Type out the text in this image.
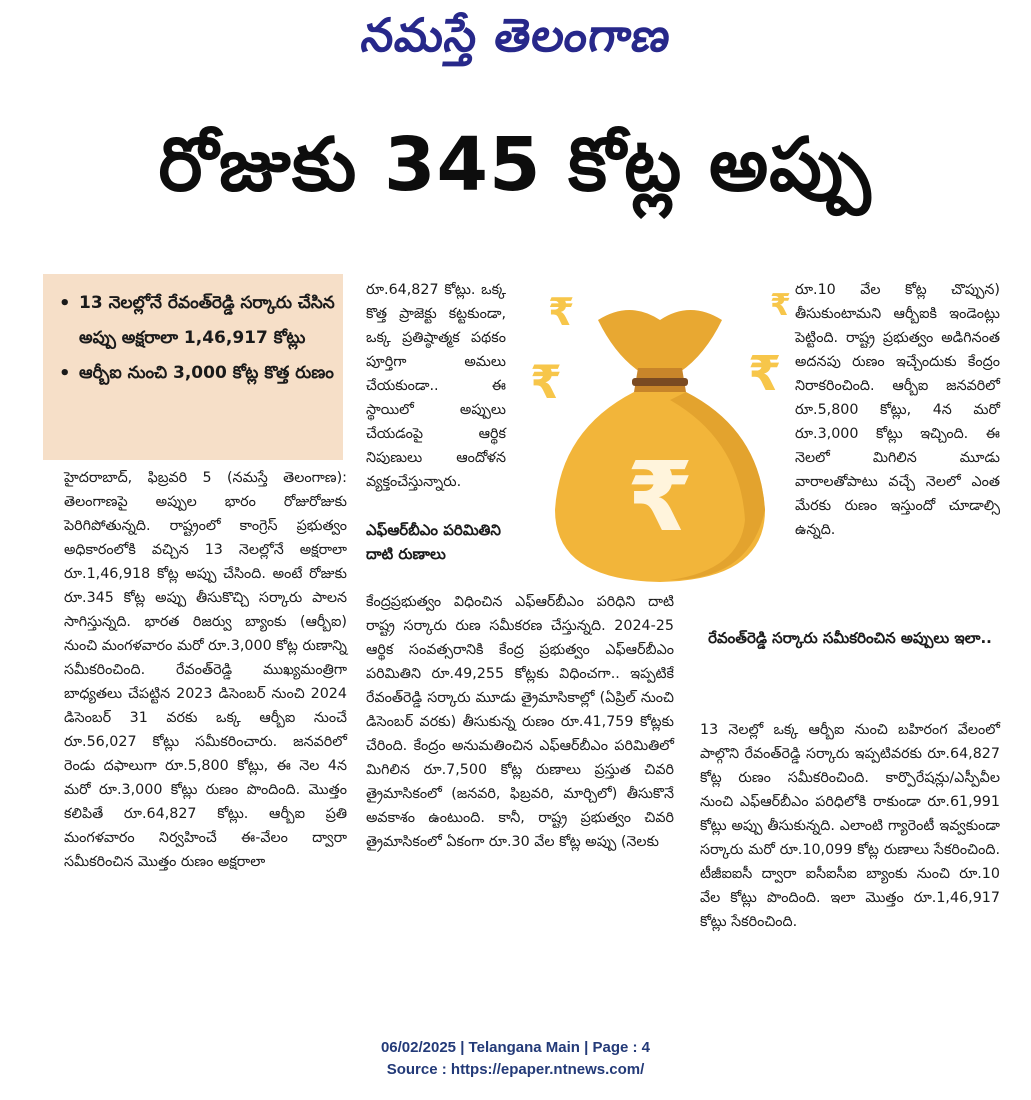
నమస్తే తెలంగాణ
రోజుకు 345 కోట్ల అప్పు
• 13 నెలల్లోనే రేవంత్‌రెడ్డి సర్కారు చేసిన అప్పు అక్షరాలా 1,46,917 కోట్లు
• ఆర్బీఐ నుంచి 3,000 కోట్ల కొత్త రుణం

హైదరాబాద్, ఫిబ్రవరి 5 (నమస్తే తెలంగాణ): తెలంగాణపై అప్పుల భారం రోజురోజుకు పెరిగిపోతున్నది. రాష్ట్రంలో కాంగ్రెస్ ప్రభుత్వం అధికారంలోకి వచ్చిన 13 నెలల్లోనే అక్షరాలా రూ.1,46,918 కోట్ల అప్పు చేసింది. అంటే రోజుకు రూ.345 కోట్ల అప్పు తీసుకొచ్చి సర్కారు పాలన సాగిస్తున్నది. భారత రిజర్వు బ్యాంకు (ఆర్బీఐ) నుంచి మంగళవారం మరో రూ.3,000 కోట్ల రుణాన్ని సమీకరించింది. రేవంత్‌రెడ్డి ముఖ్యమంత్రిగా బాధ్యతలు చేపట్టిన 2023 డిసెంబర్ నుంచి 2024 డిసెంబర్ 31 వరకు ఒక్క ఆర్బీఐ నుంచే రూ.56,027 కోట్లు సమీకరించారు. జనవరిలో రెండు దఫాలుగా రూ.5,800 కోట్లు, ఈ నెల 4న మరో రూ.3,000 కోట్లు రుణం పొందింది. మొత్తం కలిపితే రూ.64,827 కోట్లు. ఆర్బీఐ ప్రతి మంగళవారం నిర్వహించే ఈ-వేలం ద్వారా సమీకరించిన మొత్తం రుణం అక్షరాలా

రూ.64,827 కోట్లు. ఒక్క కొత్త ప్రాజెక్టు కట్టకుండా, ఒక్క ప్రతిష్ఠాత్మక పథకం పూర్తిగా అమలు చేయకుండా.. ఈ స్థాయిలో అప్పులు చేయడంపై ఆర్థిక నిపుణులు ఆందోళన వ్యక్తంచేస్తున్నారు.

ఎఫ్ఆర్‌బీఎం పరిమితిని దాటి రుణాలు

కేంద్రప్రభుత్వం విధించిన ఎఫ్ఆర్‌బీఎం పరిధిని దాటి రాష్ట్ర సర్కారు రుణ సమీకరణ చేస్తున్నది. 2024-25 ఆర్థిక సంవత్సరానికి కేంద్ర ప్రభుత్వం ఎఫ్ఆర్‌బీఎం పరిమితిని రూ.49,255 కోట్లకు విధించగా.. ఇప్పటికే రేవంత్‌రెడ్డి సర్కారు మూడు త్రైమాసికాల్లో (ఏప్రిల్ నుంచి డిసెంబర్ వరకు) తీసుకున్న రుణం రూ.41,759 కోట్లకు చేరింది. కేంద్రం అనుమతించిన ఎఫ్ఆర్‌బీఎం పరిమితిలో మిగిలిన రూ.7,500 కోట్ల రుణాలు ప్రస్తుత చివరి త్రైమాసికంలో (జనవరి, ఫిబ్రవరి, మార్చిలో) తీసుకొనే అవకాశం ఉంటుంది. కానీ, రాష్ట్ర ప్రభుత్వం చివరి త్రైమాసికంలో ఏకంగా రూ.30 వేల కోట్ల అప్పు (నెలకు

₹
₹
₹
₹
₹

రూ.10 వేల కోట్ల చొప్పున) తీసుకుంటామని ఆర్బీఐకి ఇండెంట్లు పెట్టింది. రాష్ట్ర ప్రభుత్వం అడిగినంత అదనపు రుణం ఇచ్చేందుకు కేంద్రం నిరాకరించింది. ఆర్బీఐ జనవరిలో రూ.5,800 కోట్లు, 4న మరో రూ.3,000 కోట్లు ఇచ్చింది. ఈ నెలలో మిగిలిన మూడు వారాలతోపాటు వచ్చే నెలలో ఎంత మేరకు రుణం ఇస్తుందో చూడాల్సి ఉన్నది.

రేవంత్‌రెడ్డి సర్కారు సమీకరించిన అప్పులు ఇలా..

13 నెలల్లో ఒక్క ఆర్బీఐ నుంచి బహిరంగ వేలంలో పాల్గొని రేవంత్‌రెడ్డి సర్కారు ఇప్పటివరకు రూ.64,827 కోట్ల రుణం సమీకరించింది. కార్పొరేషన్లు/ఎస్పీవీల నుంచి ఎఫ్ఆర్‌బీఎం పరిధిలోకి రాకుండా రూ.61,991 కోట్లు అప్పు తీసుకున్నది. ఎలాంటి గ్యారెంటీ ఇవ్వకుండా సర్కారు మరో రూ.10,099 కోట్ల రుణాలు సేకరించింది. టీజీఐఐసీ ద్వారా ఐసీఐసీఐ బ్యాంకు నుంచి రూ.10 వేల కోట్లు పొందింది. ఇలా మొత్తం రూ.1,46,917 కోట్లు సేకరించింది.

06/02/2025 | Telangana Main | Page : 4
Source : https://epaper.ntnews.com/
